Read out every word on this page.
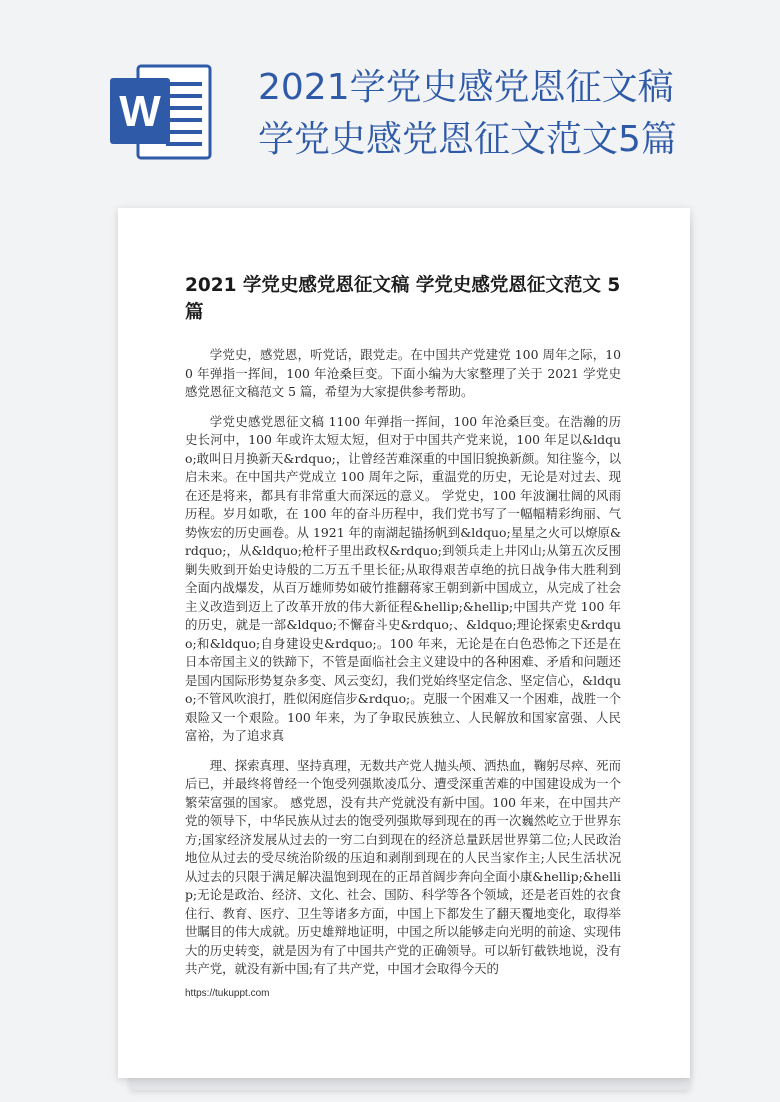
W	2021学党史感党恩征文稿
学党史感党恩征文范文5篇
2021 学党史感党恩征文稿 学党史感党恩征文范文 5 篇

学党史，感党恩，听党话，跟党走。在中国共产党建党 100 周年之际，100 年弹指一挥间，100 年沧桑巨变。下面小编为大家整理了关于 2021 学党史感党恩征文稿范文 5 篇，希望为大家提供参考帮助。

学党史感党恩征文稿 1100 年弹指一挥间，100 年沧桑巨变。在浩瀚的历史长河中，100 年或许太短太短，但对于中国共产党来说，100 年足以&ldquo;敢叫日月换新天&rdquo;，让曾经苦难深重的中国旧貌换新颜。知往鉴今，以启未来。在中国共产党成立 100 周年之际，重温党的历史，无论是对过去、现在还是将来，都具有非常重大而深远的意义。 学党史，100 年波澜壮阔的风雨历程。岁月如歌，在 100 年的奋斗历程中，我们党书写了一幅幅精彩绚丽、气势恢宏的历史画卷。从 1921 年的南湖起锚扬帆到&ldquo;星星之火可以燎原&rdquo;，从&ldquo;枪杆子里出政权&rdquo;到领兵走上井冈山;从第五次反围剿失败到开始史诗般的二万五千里长征;从取得艰苦卓绝的抗日战争伟大胜利到全面内战爆发，从百万雄师势如破竹推翻蒋家王朝到新中国成立，从完成了社会主义改造到迈上了改革开放的伟大新征程&hellip;&hellip;中国共产党 100 年的历史，就是一部&ldquo;不懈奋斗史&rdquo;、&ldquo;理论探索史&rdquo;和&ldquo;自身建设史&rdquo;。100 年来，无论是在白色恐怖之下还是在日本帝国主义的铁蹄下，不管是面临社会主义建设中的各种困难、矛盾和问题还是国内国际形势复杂多变、风云变幻，我们党始终坚定信念、坚定信心，&ldquo;不管风吹浪打，胜似闲庭信步&rdquo;。克服一个困难又一个困难，战胜一个艰险又一个艰险。100 年来，为了争取民族独立、人民解放和国家富强、人民富裕，为了追求真

理、探索真理、坚持真理，无数共产党人抛头颅、洒热血，鞠躬尽瘁、死而后已，并最终将曾经一个饱受列强欺凌瓜分、遭受深重苦难的中国建设成为一个繁荣富强的国家。 感党恩，没有共产党就没有新中国。100 年来，在中国共产党的领导下，中华民族从过去的饱受列强欺辱到现在的再一次巍然屹立于世界东方;国家经济发展从过去的一穷二白到现在的经济总量跃居世界第二位;人民政治地位从过去的受尽统治阶级的压迫和剥削到现在的人民当家作主;人民生活状况从过去的只限于满足解决温饱到现在的正昂首阔步奔向全面小康&hellip;&hellip;无论是政治、经济、文化、社会、国防、科学等各个领域，还是老百姓的衣食住行、教育、医疗、卫生等诸多方面，中国上下都发生了翻天覆地变化，取得举世瞩目的伟大成就。历史雄辩地证明，中国之所以能够走向光明的前途、实现伟大的历史转变，就是因为有了中国共产党的正确领导。可以斩钉截铁地说，没有共产党，就没有新中国;有了共产党，中国才会取得今天的

https://tukuppt.com
